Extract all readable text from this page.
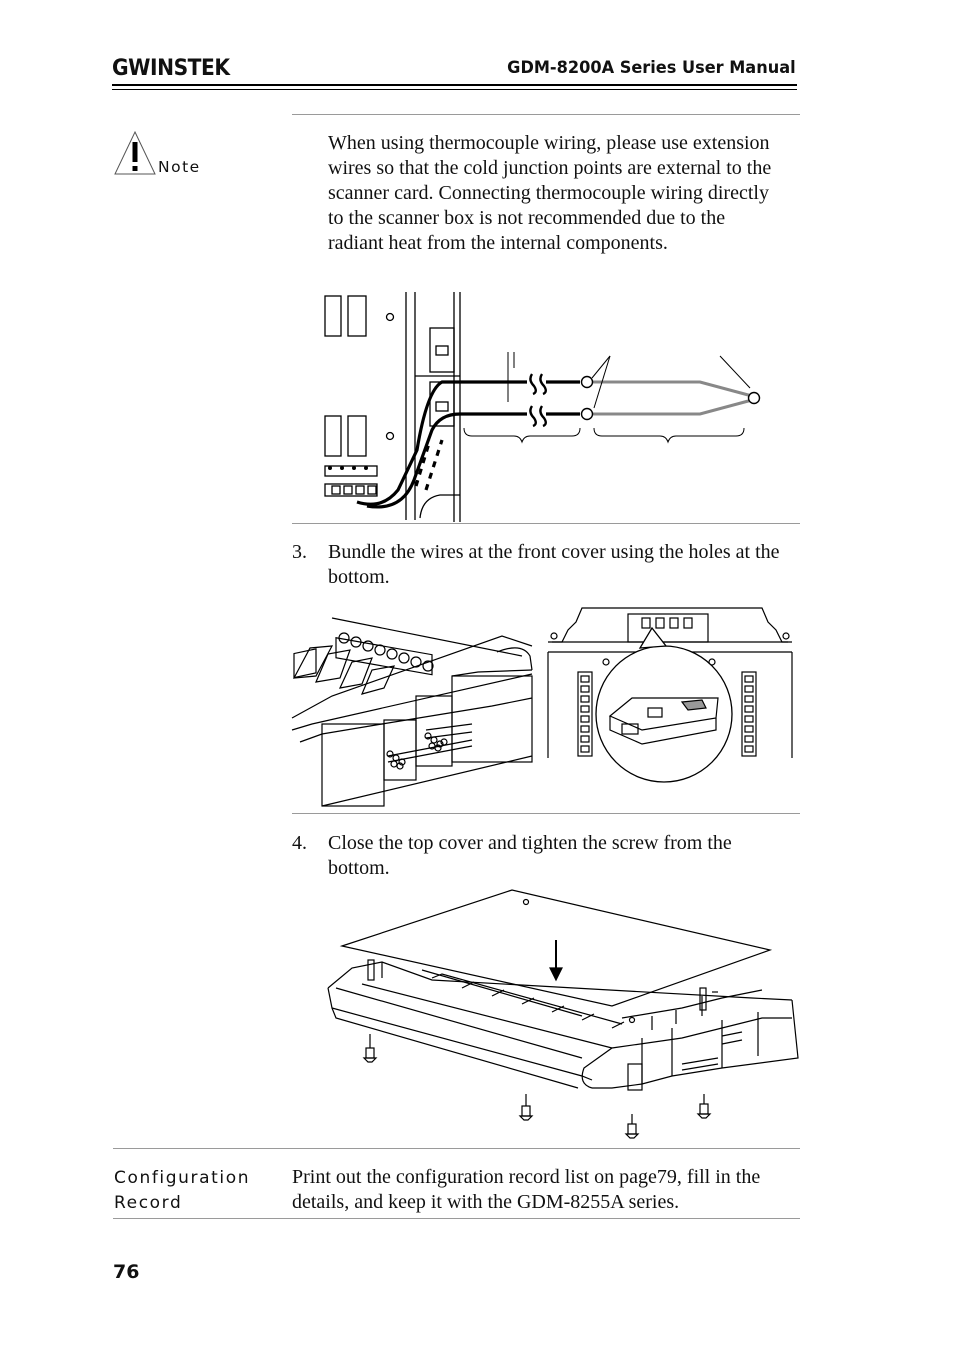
GWINSTEK	GDM-8200A Series User Manual
Note
When using thermocouple wiring, please use extension wires so that the cold junction points are external to the scanner card. Connecting thermocouple wiring directly to the scanner box is not recommended due to the radiant heat from the internal components.
3. Bundle the wires at the front cover using the holes at the bottom.
4. Close the top cover and tighten the screw from the bottom.
Configuration
Record
Print out the configuration record list on page79, fill in the details, and keep it with the GDM-8255A series.
76
